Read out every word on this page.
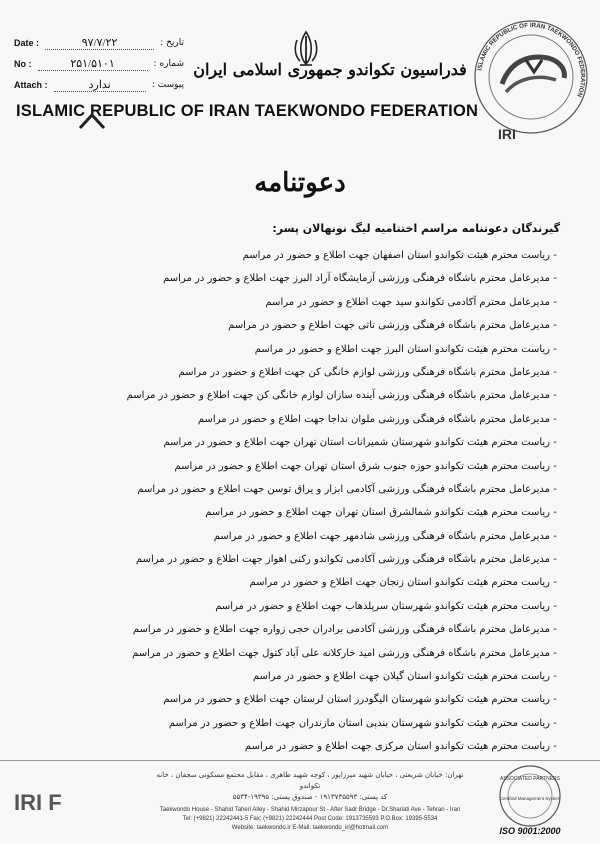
Date :	۹۷/۷/۲۲	تاریخ :
No :	۲۵۱/۵۱۰۱	شماره :
Attach :	ندارد	پیوست :
فدراسیون تکواندو جمهوری اسلامی ایران
ISLAMIC REPUBLIC OF IRAN TAEKWONDO FEDERATION
ISLAMIC REPUBLIC OF IRAN TAEKWONDO FEDERATION
IRI
دعوتنامه
گیرندگان دعوتنامه مراسم اختتامیه لیگ نونهالان پسر:
-ریاست محترم هیئت تکواندو استان اصفهان جهت اطلاع و حضور در مراسم
-مدیرعامل محترم باشگاه فرهنگی ورزشی آزمایشگاه آراد البرز جهت اطلاع و حضور در مراسم
-مدیرعامل محترم آکادمی تکواندو سید جهت اطلاع و حضور در مراسم
-مدیرعامل محترم باشگاه فرهنگی ورزشی تاتی جهت اطلاع و حضور در مراسم
-ریاست محترم هیئت تکواندو استان البرز جهت اطلاع و حضور در مراسم
-مدیرعامل محترم باشگاه فرهنگی ورزشی لوازم خانگی کن جهت اطلاع و حضور در مراسم
-مدیرعامل محترم باشگاه فرهنگی ورزشی آینده سازان لوازم خانگی کن جهت اطلاع و حضور در مراسم
-مدیرعامل محترم باشگاه فرهنگی ورزشی ملوان نداجا جهت اطلاع و حضور در مراسم
-ریاست محترم هیئت تکواندو شهرستان شمیرانات استان تهران جهت اطلاع و حضور در مراسم
-ریاست محترم هیئت تکواندو حوزه جنوب شرق استان تهران جهت اطلاع و حضور در مراسم
-مدیرعامل محترم باشگاه فرهنگی ورزشی آکادمی ابزار و یراق توسن جهت اطلاع و حضور در مراسم
-ریاست محترم هیئت تکواندو شمالشرق استان تهران جهت اطلاع و حضور در مراسم
-مدیرعامل محترم باشگاه فرهنگی ورزشی شادمهر جهت اطلاع و حضور در مراسم
-مدیرعامل محترم باشگاه فرهنگی ورزشی آکادمی تکواندو رکنی اهواز جهت اطلاع و حضور در مراسم
-ریاست محترم هیئت تکواندو استان زنجان جهت اطلاع و حضور در مراسم
-ریاست محترم هیئت تکواندو شهرستان سرپلذهاب جهت اطلاع و حضور در مراسم
-مدیرعامل محترم باشگاه فرهنگی ورزشی آکادمی برادران حجی زواره جهت اطلاع و حضور در مراسم
-مدیرعامل محترم باشگاه فرهنگی ورزشی امید خارکلانه علی آباد کتول جهت اطلاع و حضور در مراسم
-ریاست محترم هیئت تکواندو استان گیلان جهت اطلاع و حضور در مراسم
-ریاست محترم هیئت تکواندو شهرستان الیگودرز استان لرستان جهت اطلاع و حضور در مراسم
-ریاست محترم هیئت تکواندو شهرستان بندپی استان مازندران جهت اطلاع و حضور در مراسم
-ریاست محترم هیئت تکواندو استان مرکزی جهت اطلاع و حضور در مراسم
IRI F
تهران: خیابان شریعتی ، خیابان شهید میرزاپور ، کوچه شهید طاهری ، مقابل مجتمع مسکونی سجفان ، خانه تکواندو
کد پستی: ۱۹۱۳۷۳۵۵۹۳ - صندوق پستی: ۱۹۳۹۵-۵۵۳۴
Taekwondo House - Shahid Taheri Alley - Shahid Mirzapour St - After Sadr Bridge - Dr.Shariati Ave - Tehran - Iran
Tel: (+9821) 22242441-5 Fax: (+9821) 22242444 Post Code: 1913735593 P.O.Box: 19395-5534
Website: taekwondo.ir E-Mail: taekwondo_iri@hotmail.com
ASSOCIATED PARTNERS
Certified Management System
ISO 9001:2000
